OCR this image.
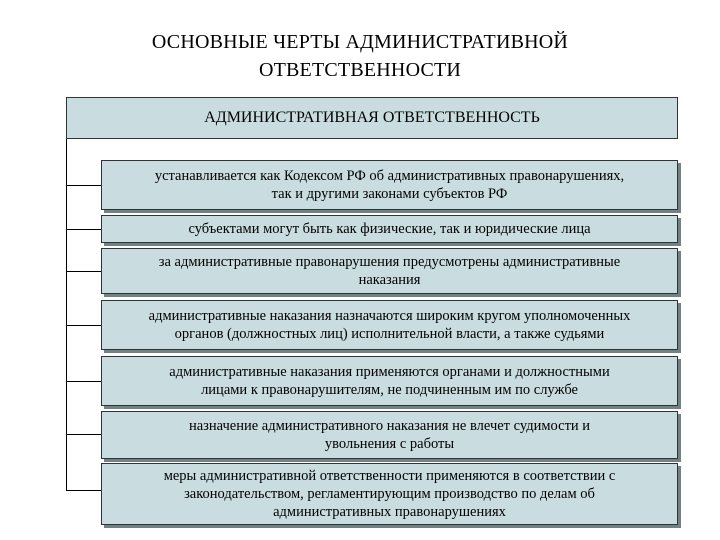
ОСНОВНЫЕ ЧЕРТЫ АДМИНИСТРАТИВНОЙ
ОТВЕТСТВЕННОСТИ
АДМИНИСТРАТИВНАЯ ОТВЕТСТВЕННОСТЬ
устанавливается как Кодексом РФ об административных правонарушениях,
так и другими законами субъектов РФ
субъектами могут быть как физические, так и юридические лица
за административные правонарушения предусмотрены административные
наказания
административные наказания назначаются широким кругом уполномоченных
органов (должностных лиц) исполнительной власти, а также судьями
административные наказания применяются органами и должностными
лицами к правонарушителям, не подчиненным им по службе
назначение административного наказания не влечет судимости и
увольнения с работы
меры административной ответственности применяются в соответствии с
законодательством, регламентирующим производство по делам об
административных правонарушениях
